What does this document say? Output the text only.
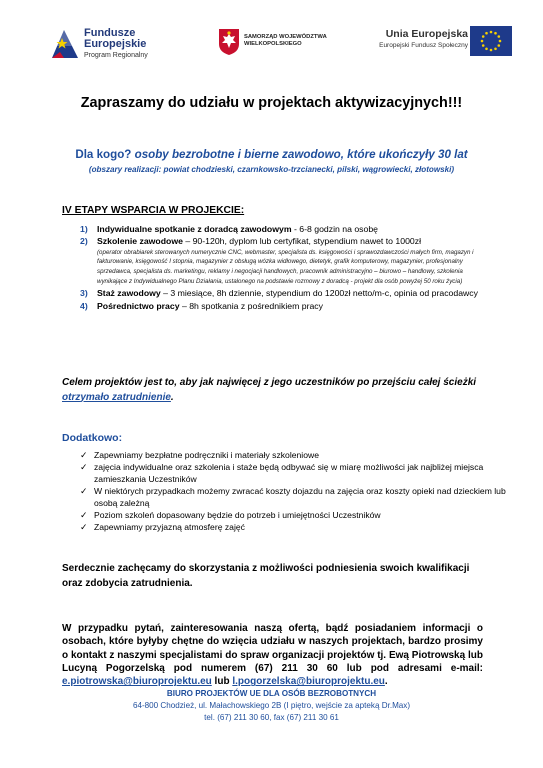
Fundusze
Europejskie
Program Regionalny
SAMORZĄD WOJEWÓDZTWA
WIELKOPOLSKIEGO
Unia Europejska
Europejski Fundusz Społeczny
Zapraszamy do udziału w projektach aktywizacyjnych!!!
Dla kogo? osoby bezrobotne i bierne zawodowo, które ukończyły 30 lat
(obszary realizacji: powiat chodzieski, czarnkowsko-trzcianecki, pilski, wągrowiecki, złotowski)
IV ETAPY WSPARCIA W PROJEKCIE:
1) Indywidualne spotkanie z doradcą zawodowym - 6-8 godzin na osobę
2) Szkolenie zawodowe – 90-120h, dyplom lub certyfikat, stypendium nawet to 1000zł
(operator obrabiarek sterowanych numerycznie CNC, webmaster, specjalista ds. księgowości i sprawozdawczości małych firm, magazyn i fakturowanie, księgowość I stopnia, magazynier z obsługą wózka widłowego, dietetyk, grafik komputerowy, magazynier, profesjonalny sprzedawca, specjalista ds. marketingu, reklamy i negocjacji handlowych, pracownik administracyjno – biurowo – handlowy, szkolenia wynikające z Indywidualnego Planu Działania, ustalonego na podstawie rozmowy z doradcą - projekt dla osób powyżej 50 roku życia)
3) Staż zawodowy – 3 miesiące, 8h dziennie, stypendium do 1200zł netto/m-c, opinia od pracodawcy
4) Pośrednictwo pracy – 8h spotkania z pośrednikiem pracy
Celem projektów jest to, aby jak najwięcej z jego uczestników po przejściu całej ścieżki otrzymało zatrudnienie.
Dodatkowo:
✓ Zapewniamy bezpłatne podręczniki i materiały szkoleniowe
✓ zajęcia indywidualne oraz szkolenia i staże będą odbywać się w miarę możliwości jak najbliżej miejsca zamieszkania Uczestników
✓ W niektórych przypadkach możemy zwracać koszty dojazdu na zajęcia oraz koszty opieki nad dzieckiem lub osobą zależną
✓ Poziom szkoleń dopasowany będzie do potrzeb i umiejętności Uczestników
✓ Zapewniamy przyjazną atmosferę zajęć
Serdecznie zachęcamy do skorzystania z możliwości podniesienia swoich kwalifikacji oraz zdobycia zatrudnienia.
W przypadku pytań, zainteresowania naszą ofertą, bądź posiadaniem informacji o osobach, które byłyby chętne do wzięcia udziału w naszych projektach, bardzo prosimy o kontakt z naszymi specjalistami do spraw organizacji projektów tj. Ewą Piotrowską lub Lucyną Pogorzelską pod numerem (67) 211 30 60 lub pod adresami e-mail: e.piotrowska@biuroprojektu.eu lub l.pogorzelska@biuroprojektu.eu.
BIURO PROJEKTÓW UE DLA OSÓB BEZROBOTNYCH
64-800 Chodzież, ul. Małachowskiego 2B (I piętro, wejście za apteką Dr.Max)
tel. (67) 211 30 60, fax (67) 211 30 61
